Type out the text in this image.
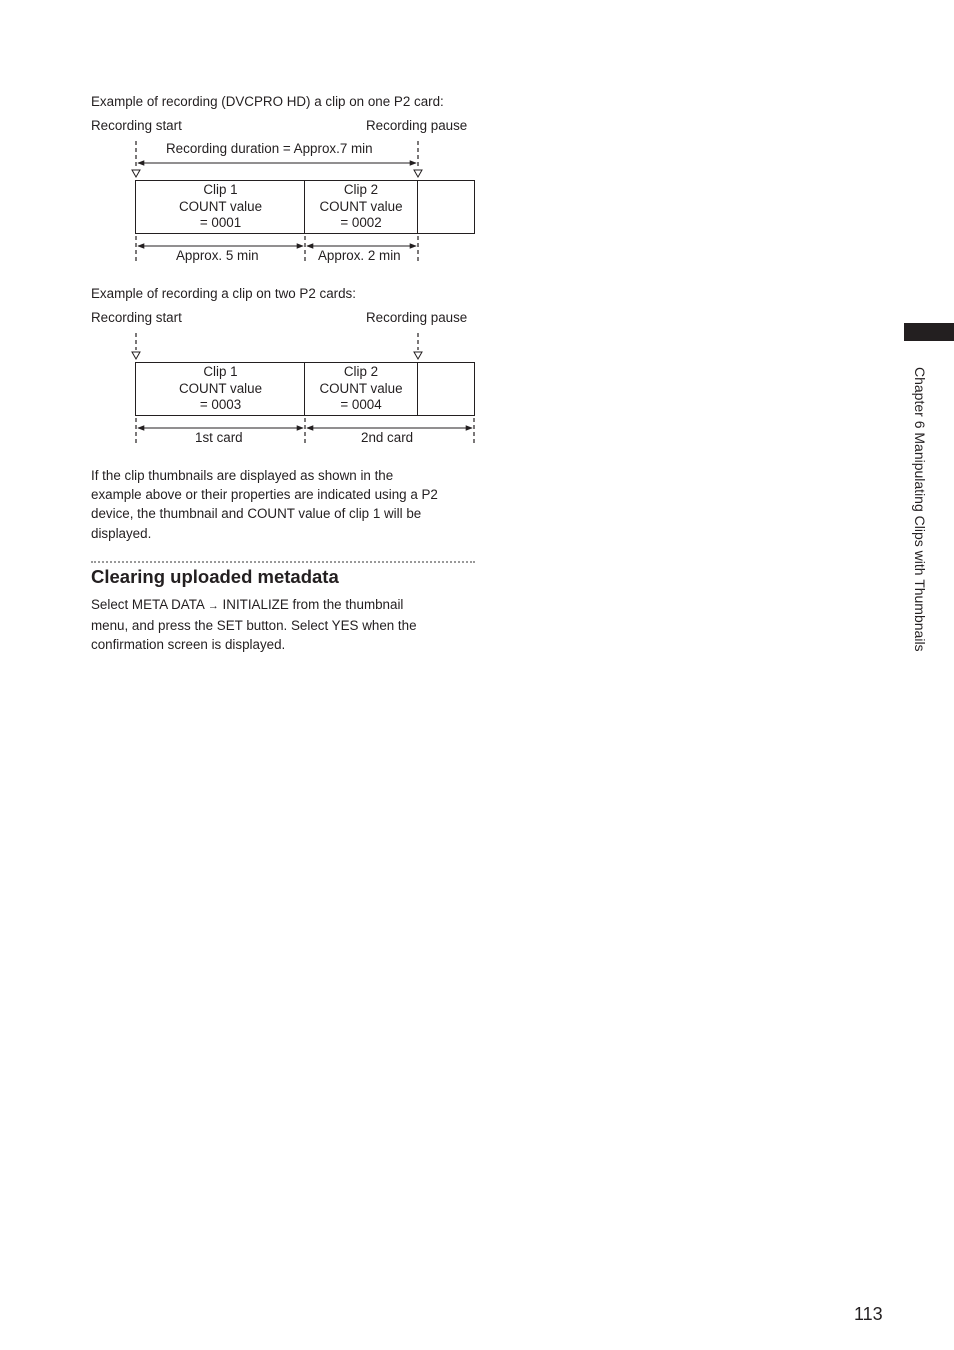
Example of recording (DVCPRO HD) a clip on one P2 card:
Recording start	Recording pause
Recording duration = Approx.7 min
Clip 1
COUNT value
= 0001
Clip 2
COUNT value
= 0002
Approx. 5 min	Approx. 2 min
Example of recording a clip on two P2 cards:
Recording start	Recording pause
Clip 1
COUNT value
= 0003
Clip 2
COUNT value
= 0004
1st card	2nd card
If the clip thumbnails are displayed as shown in the
example above or their properties are indicated using a P2
device, the thumbnail and COUNT value of clip 1 will be
displayed.
Clearing uploaded metadata
Select META DATA → INITIALIZE from the thumbnail
menu, and press the SET button. Select YES when the
confirmation screen is displayed.	Chapter 6 Manipulating Clips with Thumbnails
113
